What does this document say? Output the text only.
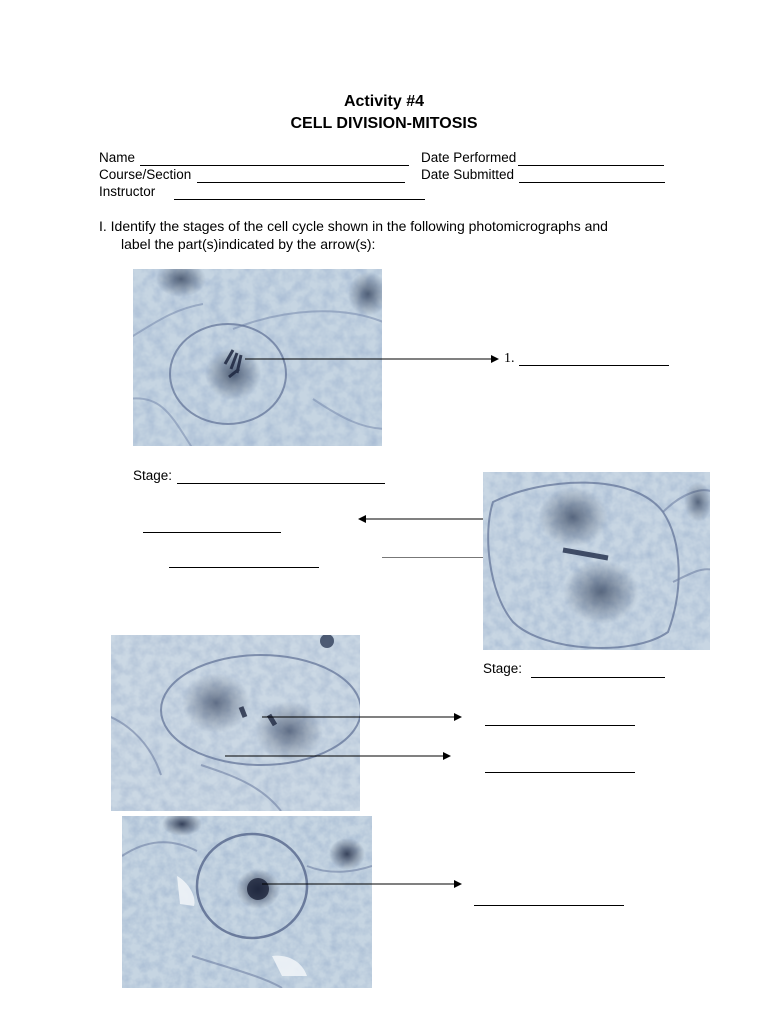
Activity #4
CELL DIVISION-MITOSIS
Name	Date Performed
Course/Section	Date Submitted
Instructor
I. Identify the stages of the cell cycle shown in the following photomicrographs and
label the part(s)indicated by the arrow(s):
1.
Stage:
Stage:
